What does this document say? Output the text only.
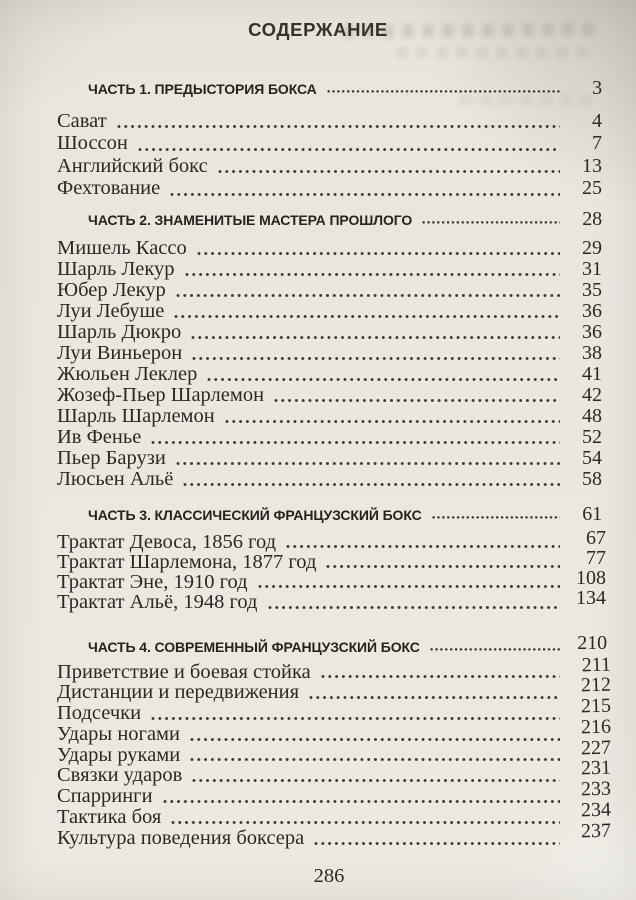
СОДЕРЖАНИЕ
ЧАСТЬ 1. ПРЕДЫСТОРИЯ БОКСА	3
Сават	4
Шоссон	7
Английский бокс	13
Фехтование	25
ЧАСТЬ 2. ЗНАМЕНИТЫЕ МАСТЕРА ПРОШЛОГО	28
Мишель Кассо	29
Шарль Лекур	31
Юбер Лекур	35
Луи Лебуше	36
Шарль Дюкро	36
Луи Виньерон	38
Жюльен Леклер	41
Жозеф-Пьер Шарлемон	42
Шарль Шарлемон	48
Ив Фенье	52
Пьер Барузи	54
Люсьен Альё	58
ЧАСТЬ 3. КЛАССИЧЕСКИЙ ФРАНЦУЗСКИЙ БОКС	61
Трактат Девоса, 1856 год	67
Трактат Шарлемона, 1877 год	77
Трактат Эне, 1910 год	108
Трактат Альё, 1948 год	134
ЧАСТЬ 4. СОВРЕМЕННЫЙ ФРАНЦУЗСКИЙ БОКС	210
Приветствие и боевая стойка	211
Дистанции и передвижения	212
Подсечки	215
Удары ногами	216
Удары руками	227
Связки ударов	231
Спарринги	233
Тактика боя	234
Культура поведения боксера	237
286
